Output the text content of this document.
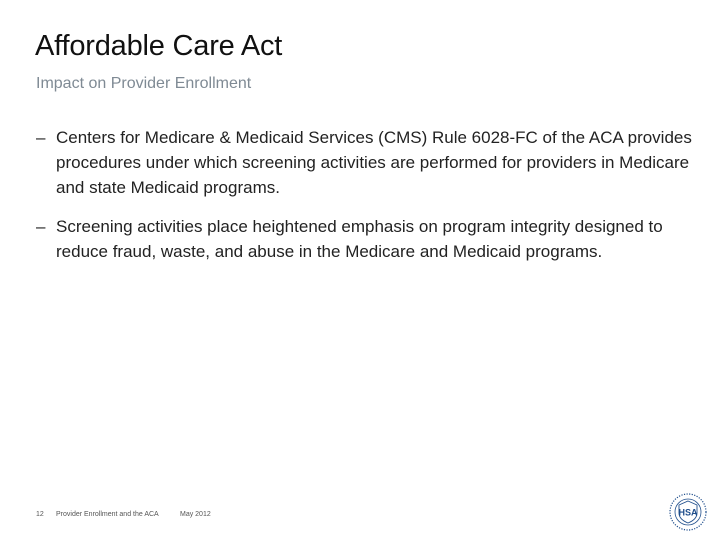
Affordable Care Act
Impact on Provider Enrollment
– Centers for Medicare & Medicaid Services (CMS) Rule 6028-FC of the ACA provides procedures under which screening activities are performed for providers in Medicare and state Medicaid programs.
– Screening activities place heightened emphasis on program integrity designed to reduce fraud, waste, and abuse in the Medicare and Medicaid programs.
12 Provider Enrollment and the ACA	May 2012	HSA
